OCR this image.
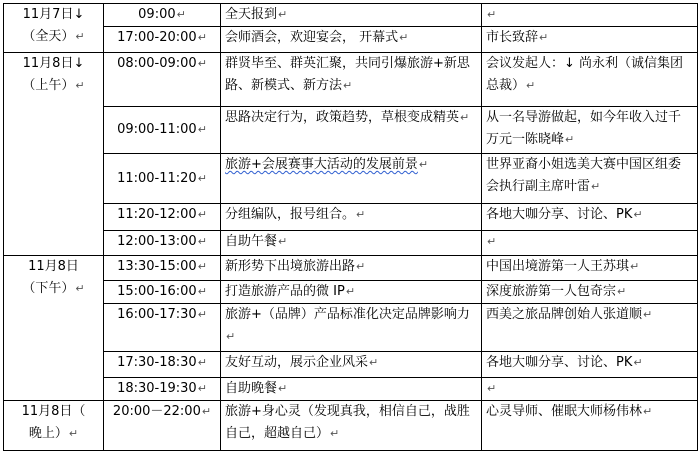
11月7日↓
（全天）↵	09:00↵	全天报到↵	↵
	17:00-20:00↵	会师酒会，欢迎宴会， 开幕式↵	市长致辞↵

11月8日↓
（上午）↵	08:00-09:00↵	群贤毕至、群英汇聚，共同引爆旅游+新思路、新模式、新方法↵	会议发起人：↓ 尚永利（诚信集团总裁）↵
	09:00-11:00↵	思路决定行为，政策趋势，草根变成精英↵	从一名导游做起，如今年收入过千万元一陈晓峰↵
	11:00-11:20↵	旅游+会展赛事大活动的发展前景↵	世界亚裔小姐选美大赛中国区组委会执行副主席叶雷↵
	11:20-12:00↵	分组编队，报号组合。↵	各地大咖分享、讨论、PK↵
	12:00-13:00↵	自助午餐↵	↵

11月8日
（下午）↵	13:30-15:00↵	新形势下出境旅游出路↵	中国出境游第一人王苏琪↵
	15:00-16:00↵	打造旅游产品的微 IP↵	深度旅游第一人包奇宗↵
	16:00-17:30↵	旅游+（品牌）产品标准化决定品牌影响力↵	西美之旅品牌创始人张道顺↵
	17:30-18:30↵	友好互动，展示企业风采↵	各地大咖分享、讨论、PK↵
	18:30-19:30↵	自助晚餐↵	↵

11月8日（
晚上）↵	20:00－22:00↵	旅游+身心灵（发现真我，相信自己，战胜自己，超越自己）↵	心灵导师、催眠大师杨伟林↵
